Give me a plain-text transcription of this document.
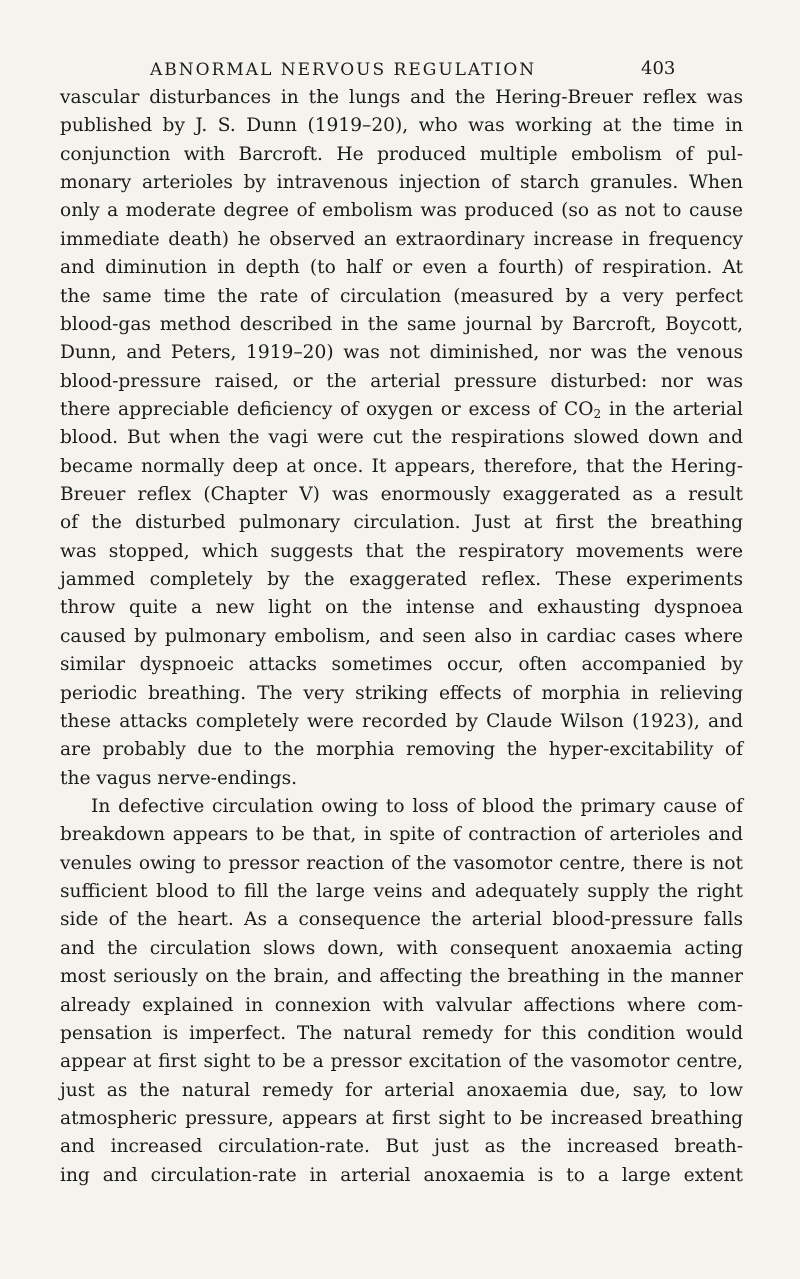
ABNORMAL NERVOUS REGULATION	403
vascular disturbances in the lungs and the Hering-Breuer reflex was
published by J. S. Dunn (1919–20), who was working at the time in
conjunction with Barcroft. He produced multiple embolism of pul-
monary arterioles by intravenous injection of starch granules. When
only a moderate degree of embolism was produced (so as not to cause
immediate death) he observed an extraordinary increase in frequency
and diminution in depth (to half or even a fourth) of respiration. At
the same time the rate of circulation (measured by a very perfect
blood-gas method described in the same journal by Barcroft, Boycott,
Dunn, and Peters, 1919–20) was not diminished, nor was the venous
blood-pressure raised, or the arterial pressure disturbed: nor was
there appreciable deficiency of oxygen or excess of $CO_2$ in the arterial
blood. But when the vagi were cut the respirations slowed down and
became normally deep at once. It appears, therefore, that the Hering-
Breuer reflex (Chapter V) was enormously exaggerated as a result
of the disturbed pulmonary circulation. Just at first the breathing
was stopped, which suggests that the respiratory movements were
jammed completely by the exaggerated reflex. These experiments
throw quite a new light on the intense and exhausting dyspnoea
caused by pulmonary embolism, and seen also in cardiac cases where
similar dyspnoeic attacks sometimes occur, often accompanied by
periodic breathing. The very striking effects of morphia in relieving
these attacks completely were recorded by Claude Wilson (1923), and
are probably due to the morphia removing the hyper-excitability of
the vagus nerve-endings.
In defective circulation owing to loss of blood the primary cause of
breakdown appears to be that, in spite of contraction of arterioles and
venules owing to pressor reaction of the vasomotor centre, there is not
sufficient blood to fill the large veins and adequately supply the right
side of the heart. As a consequence the arterial blood-pressure falls
and the circulation slows down, with consequent anoxaemia acting
most seriously on the brain, and affecting the breathing in the manner
already explained in connexion with valvular affections where com-
pensation is imperfect. The natural remedy for this condition would
appear at first sight to be a pressor excitation of the vasomotor centre,
just as the natural remedy for arterial anoxaemia due, say, to low
atmospheric pressure, appears at first sight to be increased breathing
and increased circulation-rate. But just as the increased breath-
ing and circulation-rate in arterial anoxaemia is to a large extent
